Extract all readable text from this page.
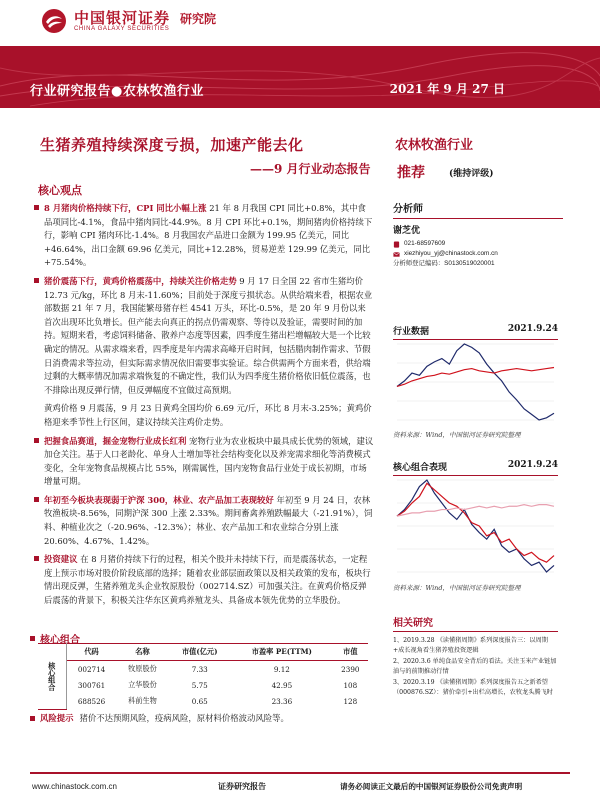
中国银河证券
CHINA GALAXY SECURITIES
研究院
行业研究报告●农林牧渔行业	2021 年 9 月 27 日
生猪养殖持续深度亏损，加速产能去化
——9 月行业动态报告
农林牧渔行业
推荐	(维持评级)
核心观点
8 月猪肉价格持续下行，CPI 同比小幅上涨 21 年 8 月我国 CPI 同比+0.8%，其中食品项同比-4.1%，食品中猪肉同比-44.9%。8 月 CPI 环比+0.1%，期间猪肉价格持续下行，影响 CPI 猪肉环比-1.4%。8 月我国农产品进口金额为 199.95 亿美元，同比+46.64%，出口金额 69.96 亿美元，同比+12.28%，贸易逆差 129.99 亿美元，同比+75.54%。
猪价震荡下行，黄鸡价格震荡中，持续关注价格走势 9 月 17 日全国 22 省市生猪均价 12.73 元/kg，环比 8 月末-11.60%；目前处于深度亏损状态。从供给端来看，根据农业部数据 21 年 7 月，我国能繁母猪存栏 4541 万头，环比-0.5%，是 20 年 9 月份以来首次出现环比负增长。但产能去向真正的拐点仍需观察、等待以及验证，需要时间的加持。短期来看，考虑饲料储备、散养户态度等因素，四季度生猪出栏增幅较大是一个比较确定的情况。从需求端来看，四季度是年内需求高峰开启时间，包括腊肉制作需求、节假日消费需求等拉动，但实际需求情况依旧需要事实验证。综合供需两个方面来看，供给端过剩的大概率情况加需求端恢复的不确定性，我们认为四季度生猪价格依旧低位震荡，也不排除出现反弹行情，但反弹幅度不宜做过高预期。
黄鸡价格 9 月震荡，9 月 23 日黄鸡全国均价 6.69 元/斤，环比 8 月末-3.25%；黄鸡价格迎来季节性上行区间，建议持续关注鸡价走势。
把握食品赛道，掘金宠物行业成长红利 宠物行业为农业板块中最具成长优势的领域，建议加仓关注。基于人口老龄化、单身人士增加等社会结构变化以及养宠需求细化等消费模式变化，全年宠物食品规模占比 55%，刚需属性，国内宠物食品行业处于成长初期，市场增量可期。
年初至今板块表现弱于沪深 300，林业、农产品加工表现较好 年初至 9 月 24 日，农林牧渔板块-8.56%，同期沪深 300 上涨 2.33%。期间畜禽养殖跌幅最大（-21.91%），饲料、种植业次之（-20.96%、-12.3%）；林业、农产品加工和农业综合分别上涨 20.60%、4.67%、1.42%。
投资建议 在 8 月猪价持续下行的过程，相关个股并未持续下行，而是震荡状态，一定程度上预示市场对股价阶段底部的选择；随着农业部层面政策以及相关政策的发布，板块行情出现反弹，生猪养殖龙头企业牧原股份（002714.SZ）可加强关注。在黄鸡价格反弹后震荡的背景下，积极关注华东区黄鸡养殖龙头、具备成本领先优势的立华股份。
分析师
谢芝优
021-68597609
xiezhiyou_yj@chinastock.com.cn
分析师登记编码：S0130519020001
行业数据	2021.9.24
资料来源：Wind，中国银河证券研究院整理
核心组合表现	2021.9.24
资料来源：Wind，中国银河证券研究院整理
相关研究
1、2019.3.28 《读懂猪周期》系列深度报告三：以周期+成长视角看生猪养殖投资逻辑
2、2020.3.6 单纯食品安全背后的看法。关注玉米产业链加油与的前期推动行情
3、2020.3.19 《读懂猪周期》系列深度报告五之新希望（000876.SZ）：猪价牵引+出栏高增长，农牧龙头腾飞时
核心组合
核心组合	代码	名称	市值(亿元)	市盈率 PE(TTM)	市值
	002714	牧原股份	7.33	9.12	2390
	300761	立华股份	5.75	42.95	108
	688526	科前生物	0.65	23.36	128
风险提示 猪价不达预期风险，疫病风险，原材料价格波动风险等。
www.chinastock.com.cn	证券研究报告	请务必阅读正文最后的中国银河证券股份公司免责声明
